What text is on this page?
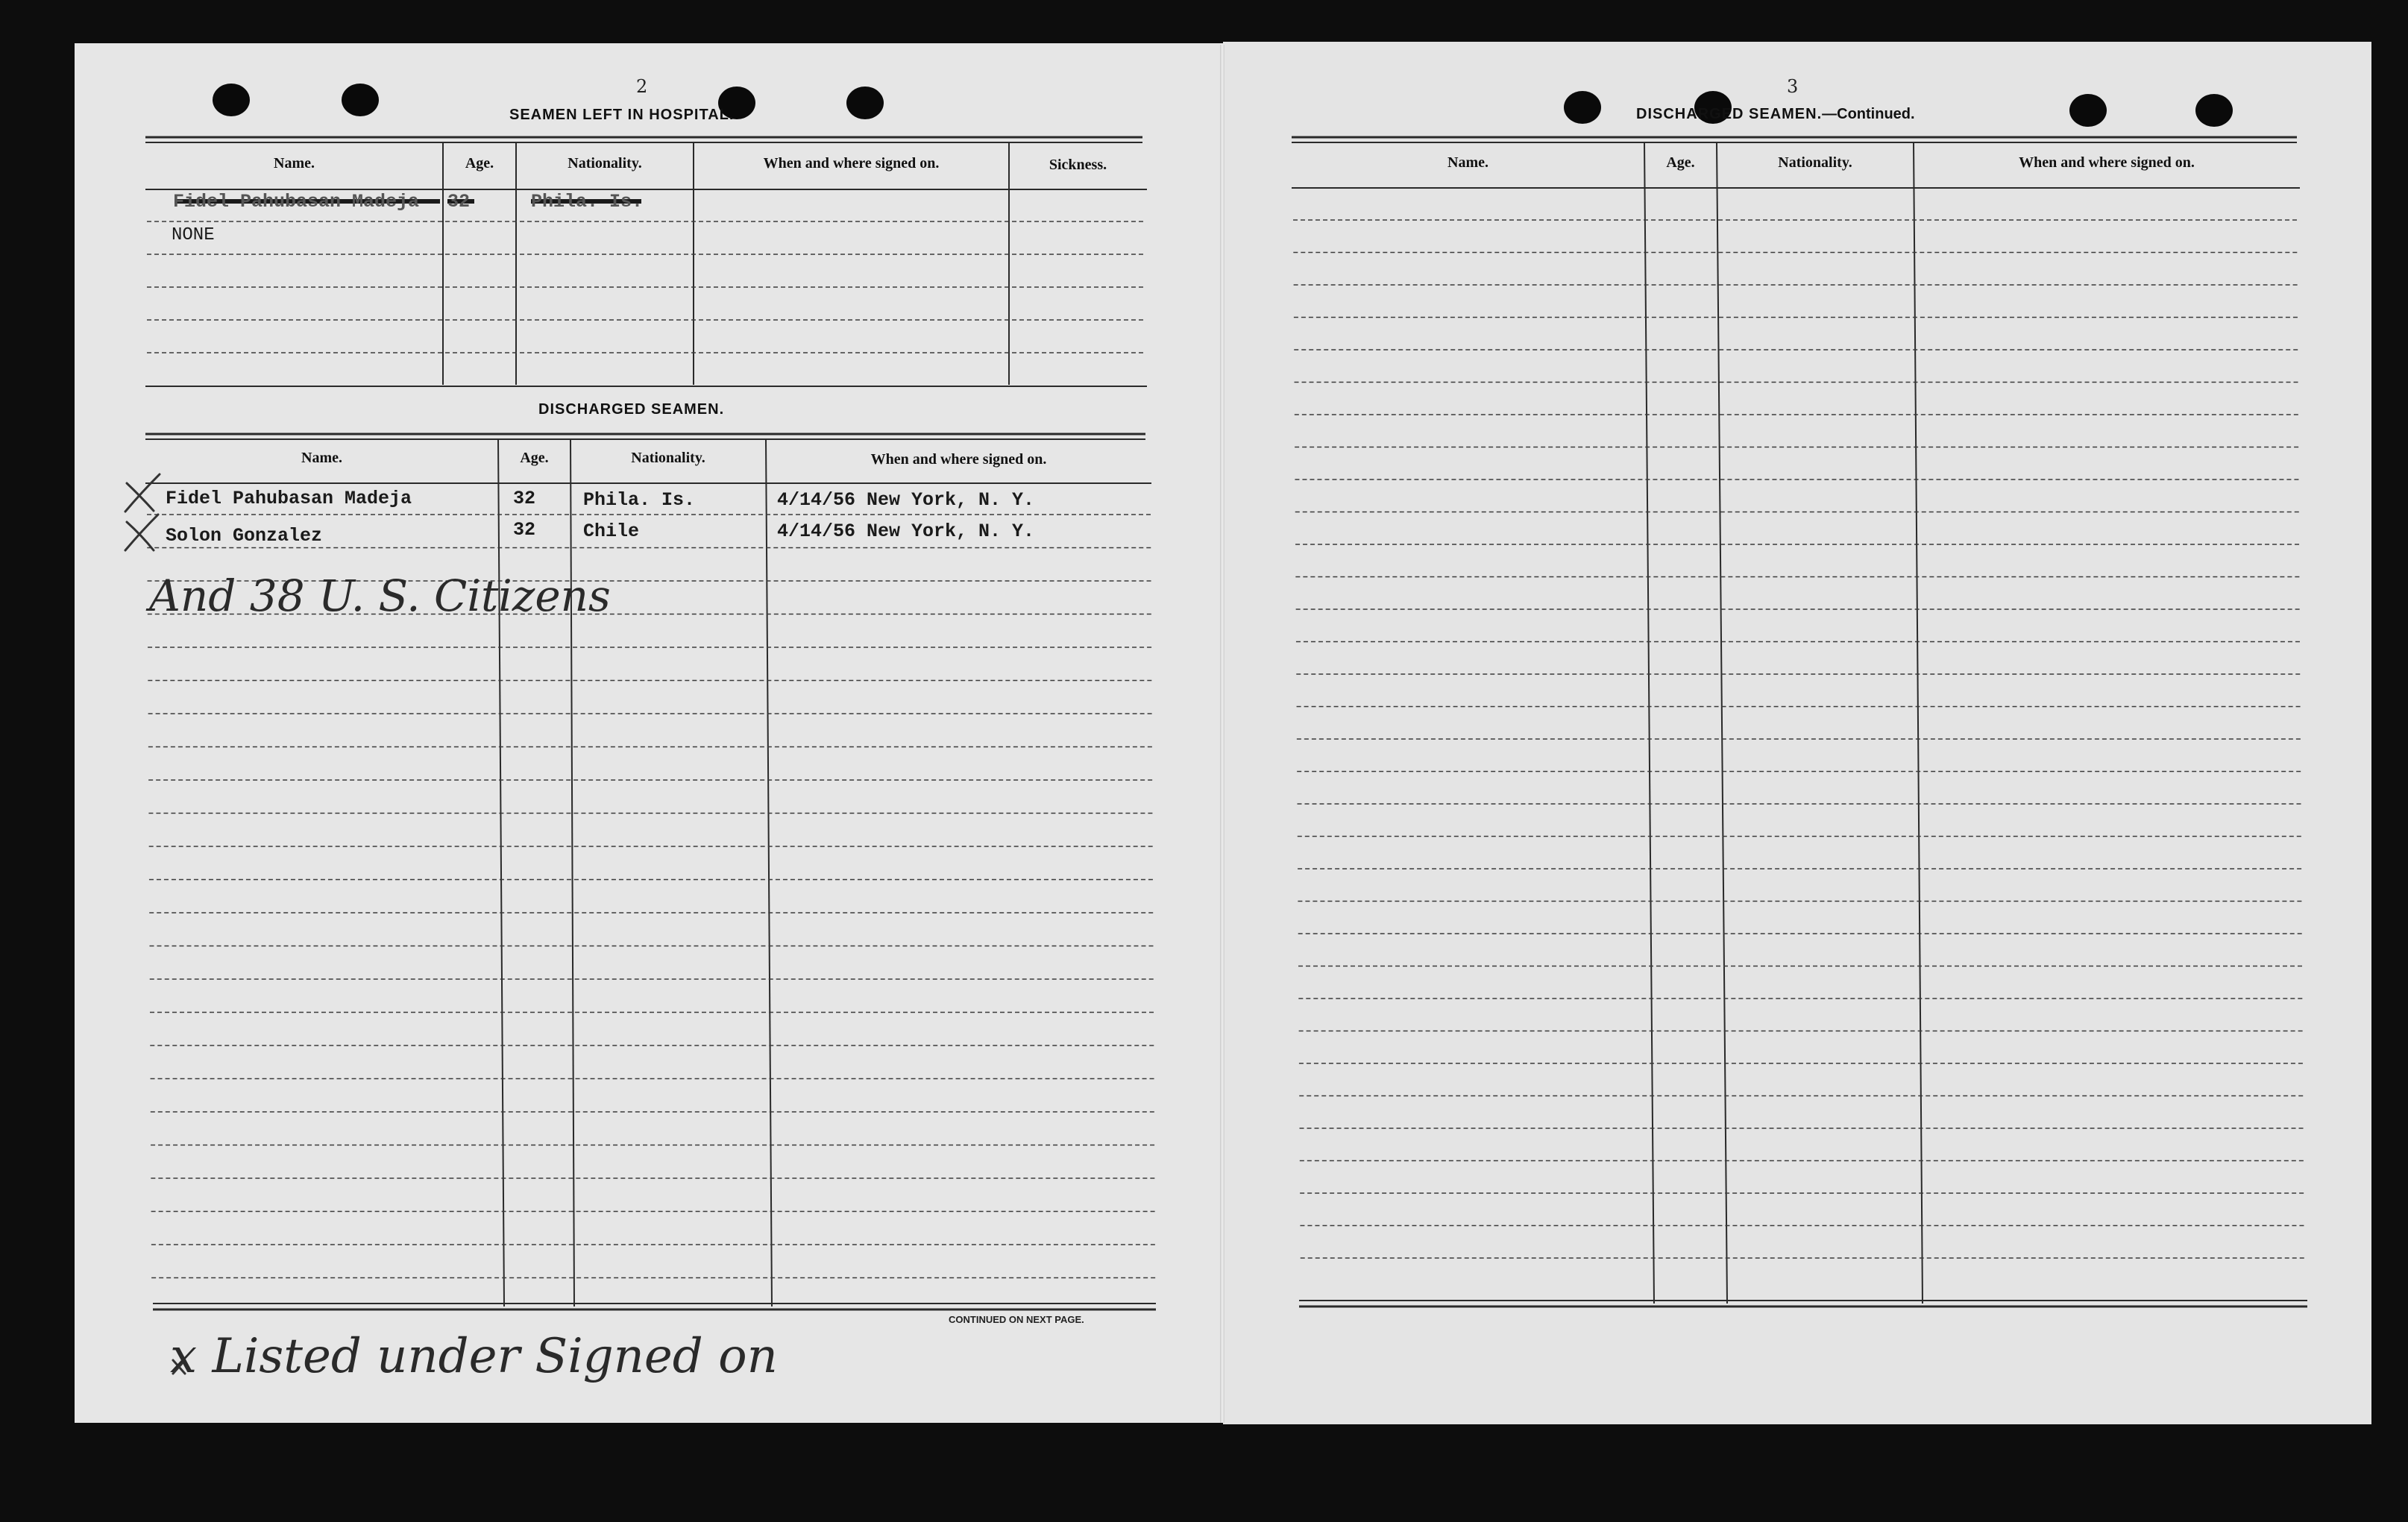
2
SEAMEN LEFT IN HOSPITAL.
Name.	Age.	Nationality.	When and where signed on.	Sickness.
Fidel Pahubasan Madeja 32	Phila. Is.
NONE
DISCHARGED SEAMEN.
Name.	Age.	Nationality.	When and where signed on.
Fidel Pahubasan Madeja	32	Phila. Is.	4/14/56 New York, N. Y.
Solon Gonzalez	32	Chile	4/14/56 New York, N. Y.
And 38 U. S. Citizens
CONTINUED ON NEXT PAGE.
x Listed under Signed on
3
DISCHARGED SEAMEN.—Continued.
Name.	Age.	Nationality.	When and where signed on.
